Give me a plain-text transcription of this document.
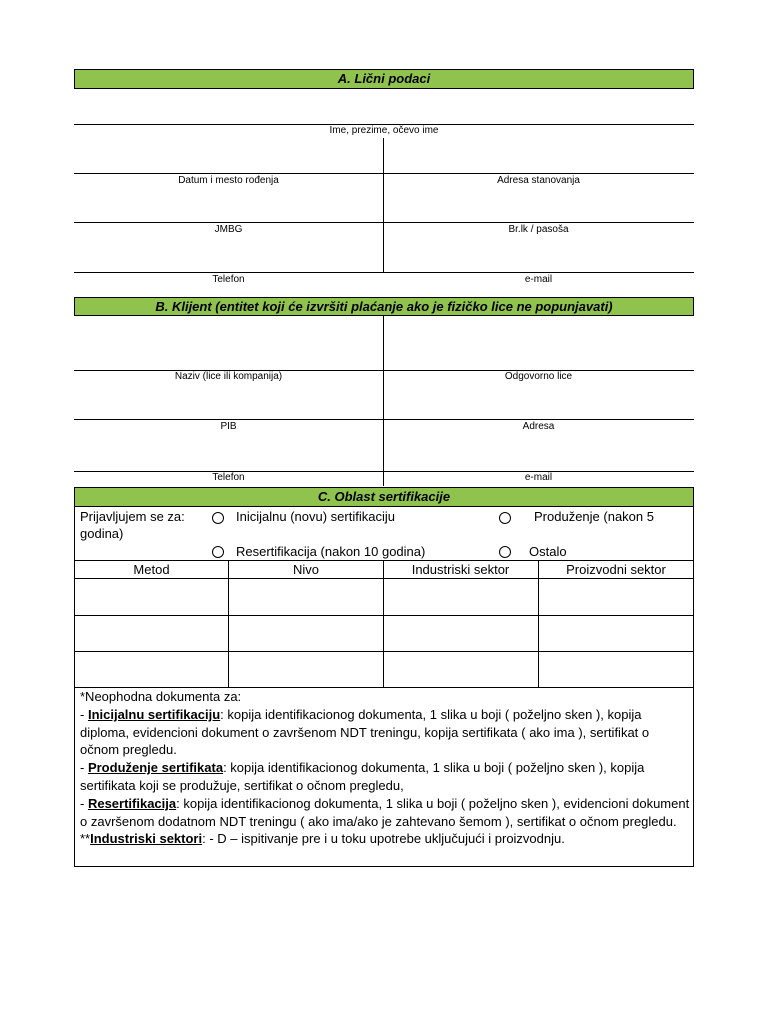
A. Lični podaci
Ime, prezime, očevo ime
Datum i mesto rođenja	Adresa stanovanja
JMBG	Br.lk / pasoša
Telefon	e-mail
B. Klijent (entitet koji će izvršiti plaćanje ako je fizičko lice ne popunjavati)
Naziv (lice ili kompanija)	Odgovorno lice
PIB	Adresa
Telefon	e-mail
C. Oblast sertifikacije
Prijavljujem se za:
godina)
Inicijalnu (novu) sertifikaciju	Produženje (nakon 5
Resertifikacija (nakon 10 godina)	Ostalo
Metod	Nivo	Industriski sektor	Proizvodni sektor
*Neophodna dokumenta za:
- Inicijalnu sertifikaciju: kopija identifikacionog dokumenta, 1 slika u boji ( poželjno sken ), kopija diploma, evidencioni dokument o završenom NDT treningu, kopija sertifikata ( ako ima ), sertifikat o očnom pregledu.
- Produženje sertifikata: kopija identifikacionog dokumenta, 1 slika u boji ( poželjno sken ), kopija sertifikata koji se produžuje, sertifikat o očnom pregledu,
- Resertifikacija: kopija identifikacionog dokumenta, 1 slika u boji ( poželjno sken ), evidencioni dokument o završenom dodatnom NDT treningu ( ako ima/ako je zahtevano šemom ), sertifikat o očnom pregledu.
**Industriski sektori: - D – ispitivanje pre i u toku upotrebe uključujući i proizvodnju.
